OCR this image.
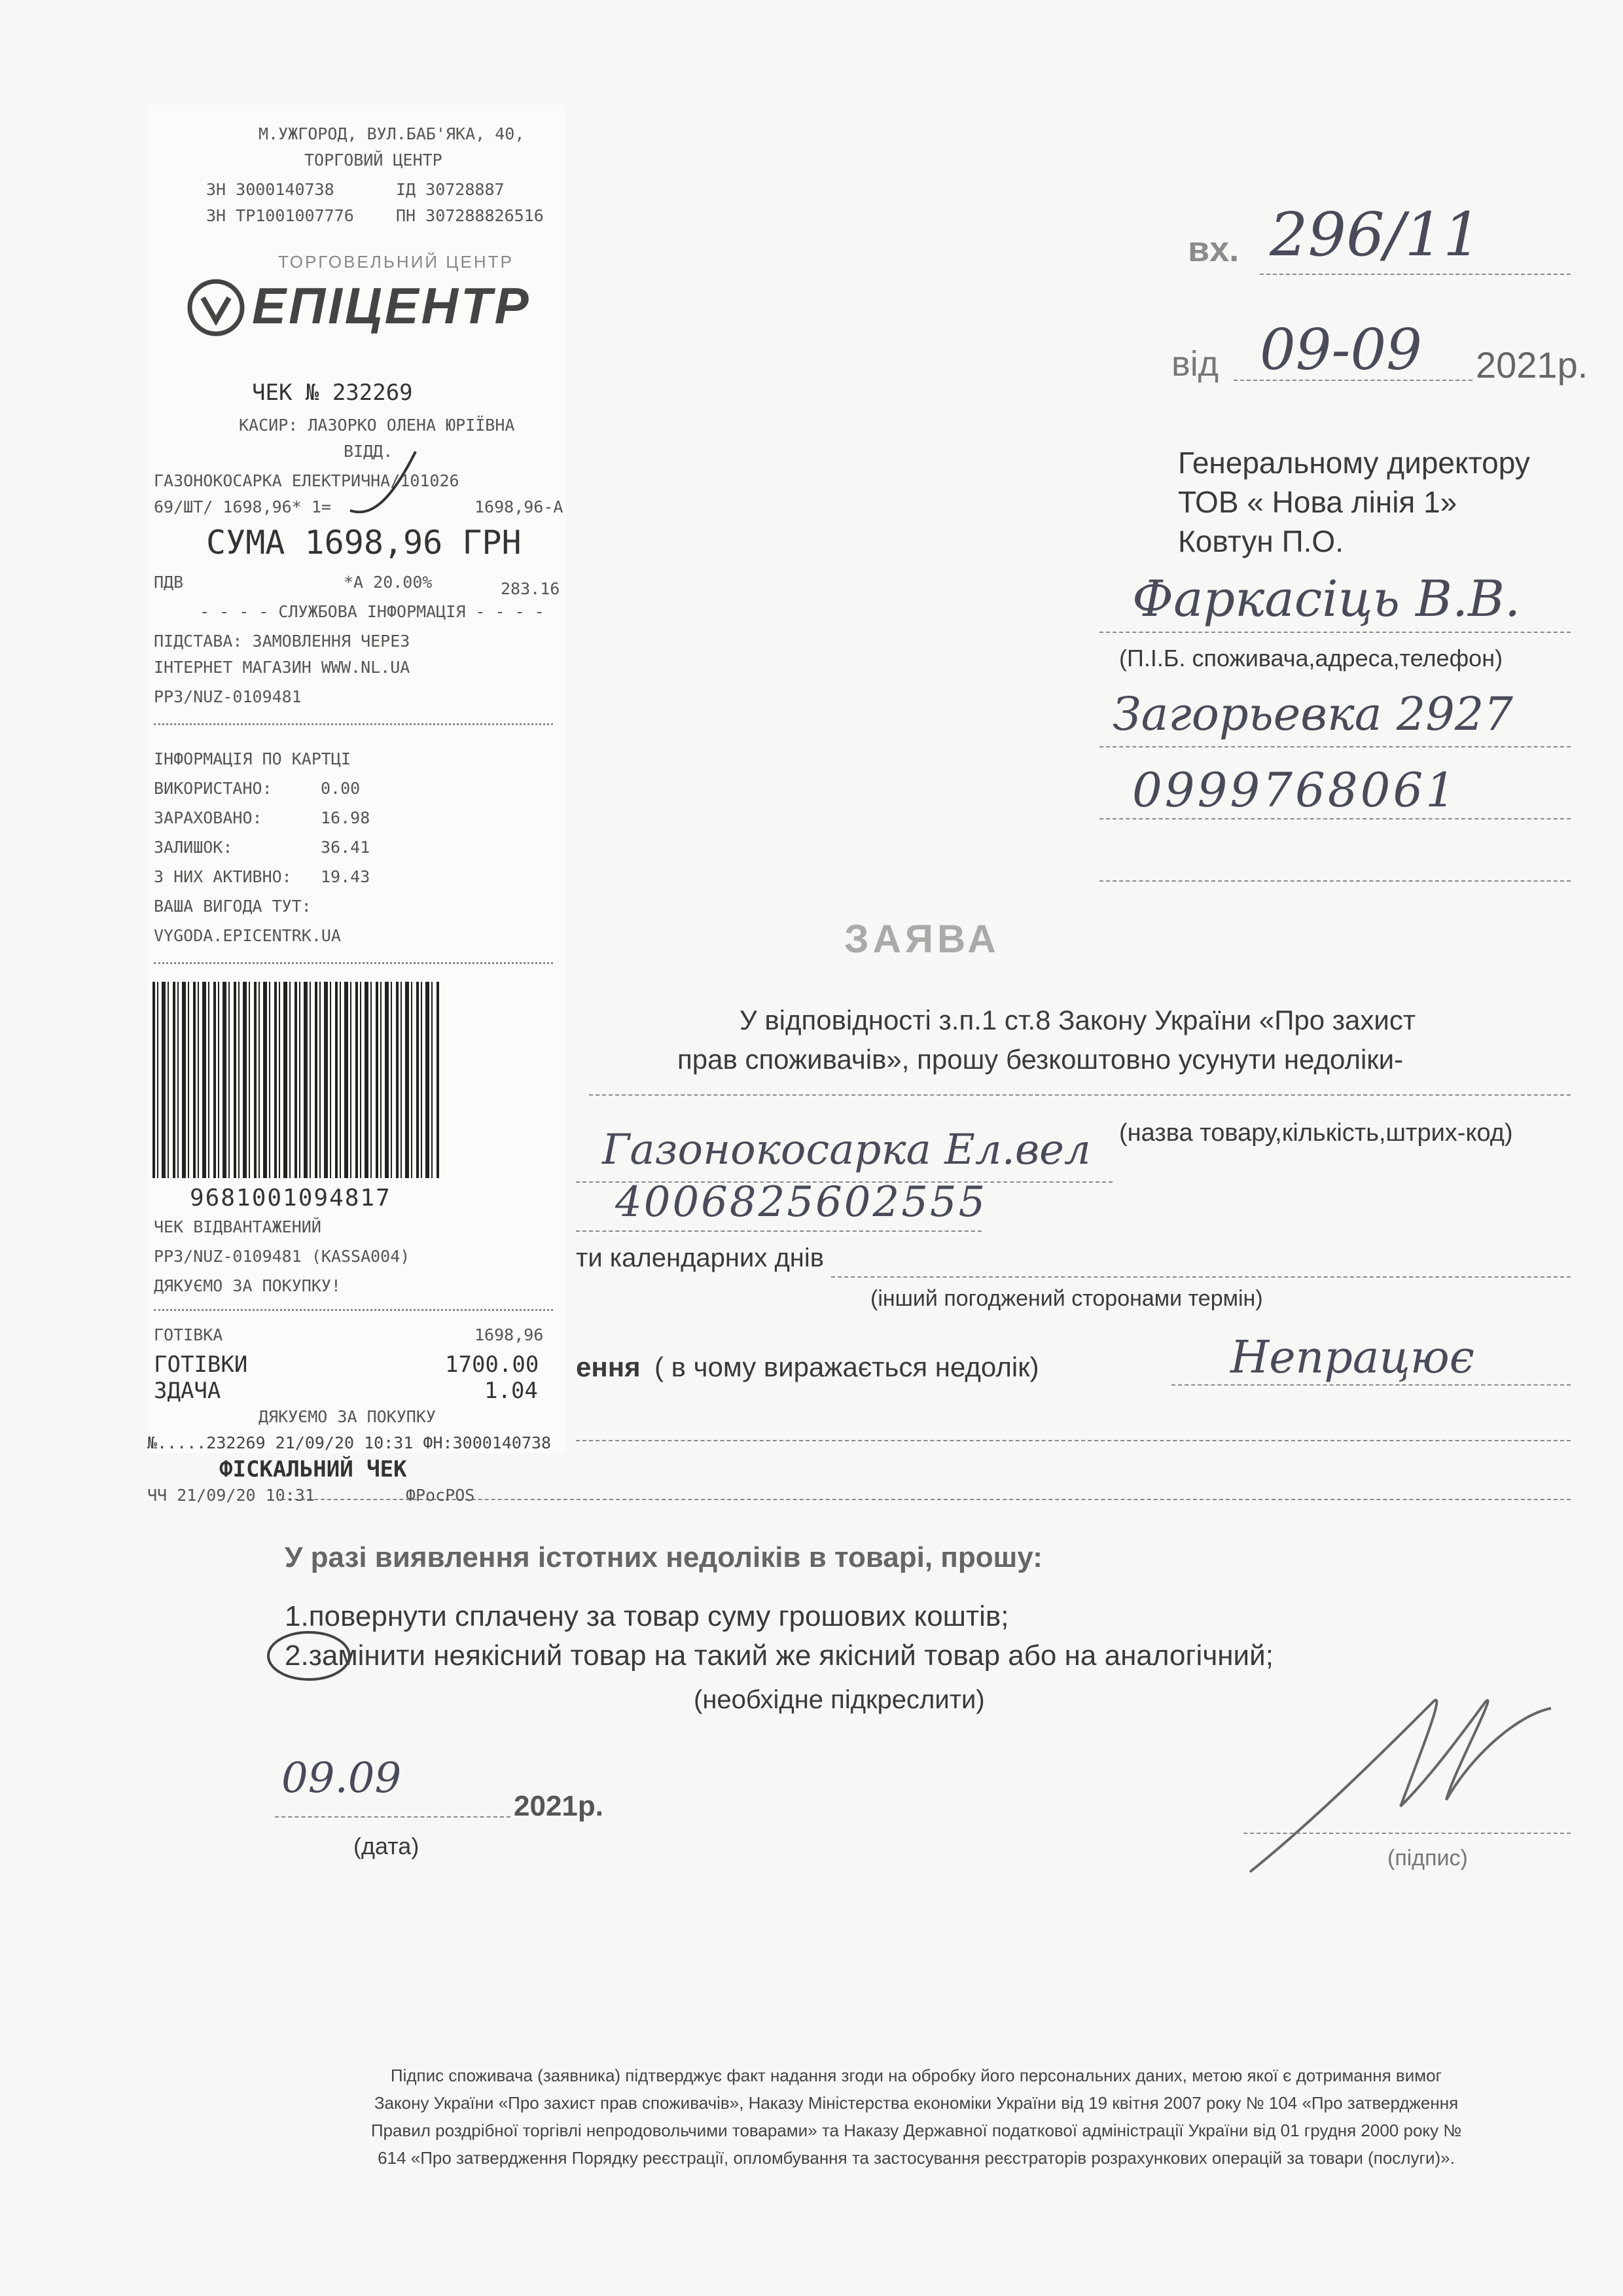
вх. 296/11
від 09-09 2021р.
Генеральному директору
ТОВ « Нова лінія 1»
Ковтун П.О.
Фаркасіць В.В.
(П.І.Б. споживача,адреса,телефон)
Загорьевка 2927
0999768061
ЗАЯВА
У відповідності з.п.1 ст.8 Закону України «Про захист
прав споживачів», прошу безкоштовно усунути недоліки-
(назва товару,кількість,штрих-код)
Газонокосарка Ел.вел
4006825602555
ти календарних днів
(інший погоджений сторонами термін)
ення ( в чому виражається недолік)	Непрацює
У разі виявлення істотних недоліків в товарі, прошу:
1.повернути сплачену за товар суму грошових коштів;
2.замінити неякісний товар на такий же якісний товар або на аналогічний;
(необхідне підкреслити)
09.09
2021р.
(дата)	(підпис)
Підпис споживача (заявника) підтверджує факт надання згоди на обробку його персональних даних, метою якої є дотримання вимог
Закону України «Про захист прав споживачів», Наказу Міністерства економіки України від 19 квітня 2007 року № 104 «Про затвердження
Правил роздрібної торгівлі непродовольчими товарами» та Наказу Державної податкової адміністрації України від 01 грудня 2000 року №
614 «Про затвердження Порядку реєстрації, опломбування та застосування реєстраторів розрахункових операцій за товари (послуги)».
М.УЖГОРОД, ВУЛ.БАБ'ЯКА, 40,
ТОРГОВИЙ ЦЕНТР
ЗН 3000140738	ІД 30728887
ЗН ТР1001007776	ПН 307288826516
ТОРГОВЕЛЬНИЙ ЦЕНТР
ЕПІЦЕНТР
ЧЕК № 232269
КАСИР: ЛАЗОРКО ОЛЕНА ЮРІЇВНА
ВІДД.
ГАЗОНОКОСАРКА ЕЛЕКТРИЧНА/101026
69/ШТ/ 1698,96* 1=	1698,96-А
СУМА 1698,96 ГРН
ПДВ	*А 20.00%	283.16
- - - - СЛУЖБОВА ІНФОРМАЦІЯ - - - -
ПІДСТАВА: ЗАМОВЛЕННЯ ЧЕРЕЗ
ІНТЕРНЕТ МАГАЗИН WWW.NL.UA
РРЗ/NUZ-0109481
ІНФОРМАЦІЯ ПО КАРТЦІ
ВИКОРИСТАНО:	0.00
ЗАРАХОВАНО:	16.98
ЗАЛИШОК:	36.41
З НИХ АКТИВНО: 19.43
ВАША ВИГОДА ТУТ:
VYGODA.EPICENTRK.UA
9681001094817
ЧЕК ВІДВАНТАЖЕНИЙ
РРЗ/NUZ-0109481 (KASSA004)
ДЯКУЄМО ЗА ПОКУПКУ!
ГОТІВКА	1698,96
ГОТІВКИ	1700.00
ЗДАЧА	1.04
ДЯКУЄМО ЗА ПОКУПКУ
№.....232269 21/09/20 10:31 ФН:3000140738
ФІСКАЛЬНИЙ ЧЕК
ЧЧ 21/09/20 10:31	ФРосPOS
